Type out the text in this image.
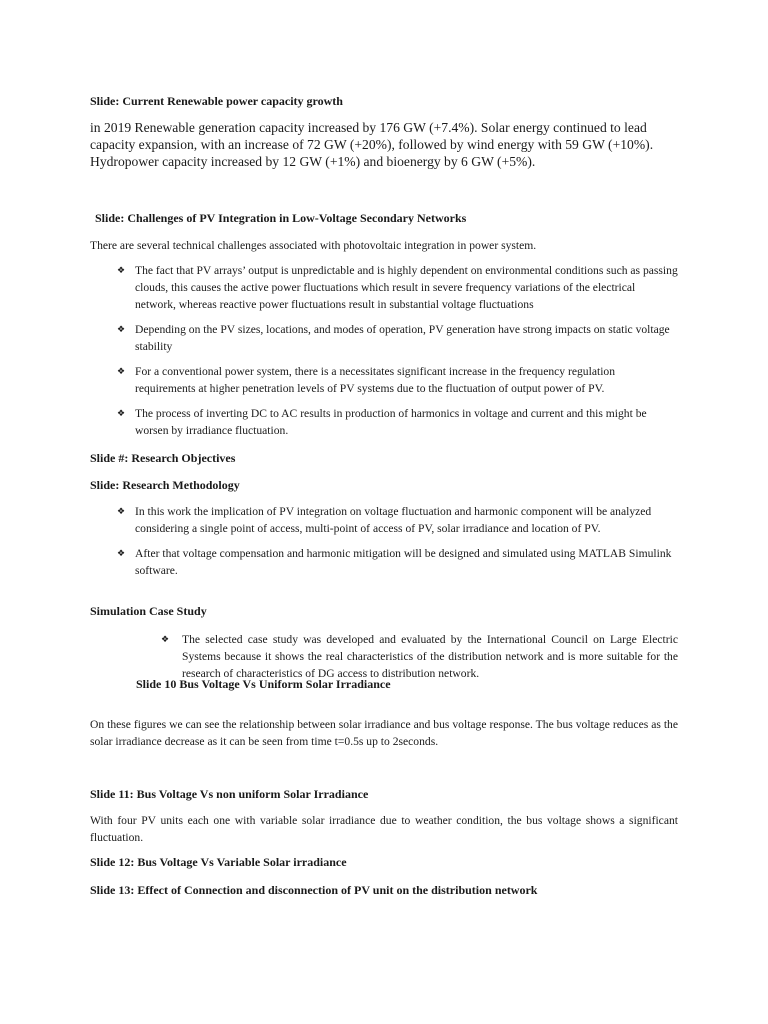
Slide: Current Renewable power capacity growth

in 2019 Renewable generation capacity increased by 176 GW (+7.4%). Solar energy continued to lead capacity expansion, with an increase of 72 GW (+20%), followed by wind energy with 59 GW (+10%). Hydropower capacity increased by 12 GW (+1%) and bioenergy by 6 GW (+5%).

Slide: Challenges of PV Integration in Low-Voltage Secondary Networks

There are several technical challenges associated with photovoltaic integration in power system.

❖ The fact that PV arrays’ output is unpredictable and is highly dependent on environmental conditions such as passing clouds, this causes the active power fluctuations which result in severe frequency variations of the electrical network, whereas reactive power fluctuations result in substantial voltage fluctuations
❖ Depending on the PV sizes, locations, and modes of operation, PV generation have strong impacts on static voltage stability
❖ For a conventional power system, there is a necessitates significant increase in the frequency regulation requirements at higher penetration levels of PV systems due to the fluctuation of output power of PV.
❖ The process of inverting DC to AC results in production of harmonics in voltage and current and this might be worsen by irradiance fluctuation.

Slide #: Research Objectives

Slide: Research Methodology

❖ In this work the implication of PV integration on voltage fluctuation and harmonic component will be analyzed considering a single point of access, multi-point of access of PV, solar irradiance and location of PV.
❖ After that voltage compensation and harmonic mitigation will be designed and simulated using MATLAB Simulink software.

Simulation Case Study

❖ The selected case study was developed and evaluated by the International Council on Large Electric Systems because it shows the real characteristics of the distribution network and is more suitable for the research of characteristics of DG access to distribution network.

Slide 10 Bus Voltage Vs Uniform Solar Irradiance

On these figures we can see the relationship between solar irradiance and bus voltage response. The bus voltage reduces as the solar irradiance decrease as it can be seen from time t=0.5s up to 2seconds.

Slide 11: Bus Voltage Vs non uniform Solar Irradiance

With four PV units each one with variable solar irradiance due to weather condition, the bus voltage shows a significant fluctuation.

Slide 12: Bus Voltage Vs Variable Solar irradiance

Slide 13: Effect of Connection and disconnection of PV unit on the distribution network
